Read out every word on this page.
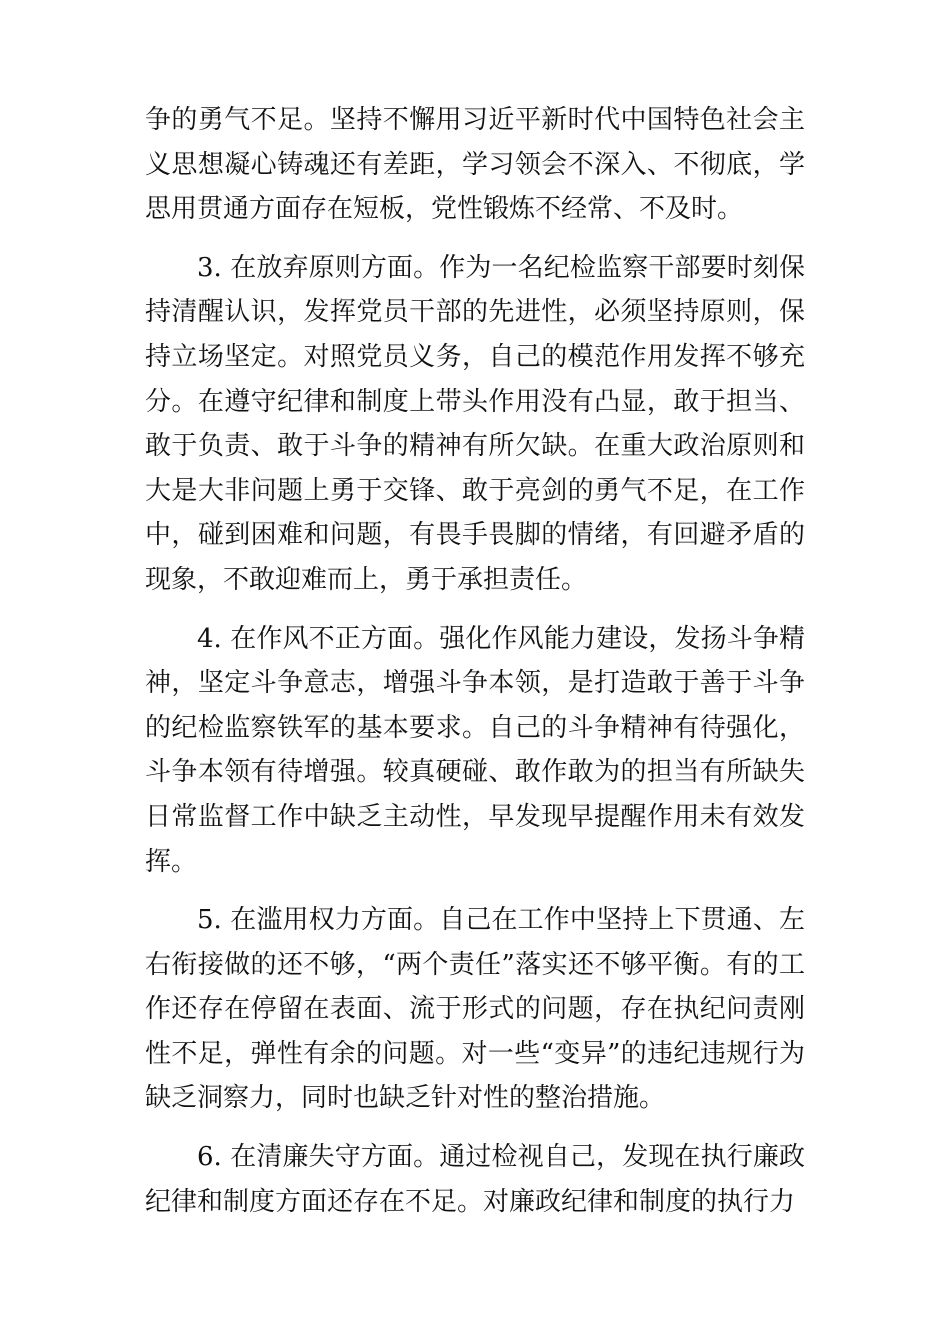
争的勇气不足。坚持不懈用习近平新时代中国特色社会主义思想凝心铸魂还有差距，学习领会不深入、不彻底，学思用贯通方面存在短板，党性锻炼不经常、不及时。

3. 在放弃原则方面。作为一名纪检监察干部要时刻保持清醒认识，发挥党员干部的先进性，必须坚持原则，保持立场坚定。对照党员义务，自己的模范作用发挥不够充分。在遵守纪律和制度上带头作用没有凸显，敢于担当、敢于负责、敢于斗争的精神有所欠缺。在重大政治原则和大是大非问题上勇于交锋、敢于亮剑的勇气不足，在工作中，碰到困难和问题，有畏手畏脚的情绪，有回避矛盾的现象，不敢迎难而上，勇于承担责任。

4. 在作风不正方面。强化作风能力建设，发扬斗争精神，坚定斗争意志，增强斗争本领，是打造敢于善于斗争的纪检监察铁军的基本要求。自己的斗争精神有待强化，斗争本领有待增强。较真硬碰、敢作敢为的担当有所缺失日常监督工作中缺乏主动性，早发现早提醒作用未有效发挥。

5. 在滥用权力方面。自己在工作中坚持上下贯通、左右衔接做的还不够，“两个责任”落实还不够平衡。有的工作还存在停留在表面、流于形式的问题，存在执纪问责刚性不足，弹性有余的问题。对一些“变异”的违纪违规行为缺乏洞察力，同时也缺乏针对性的整治措施。

6. 在清廉失守方面。通过检视自己，发现在执行廉政纪律和制度方面还存在不足。对廉政纪律和制度的执行力
